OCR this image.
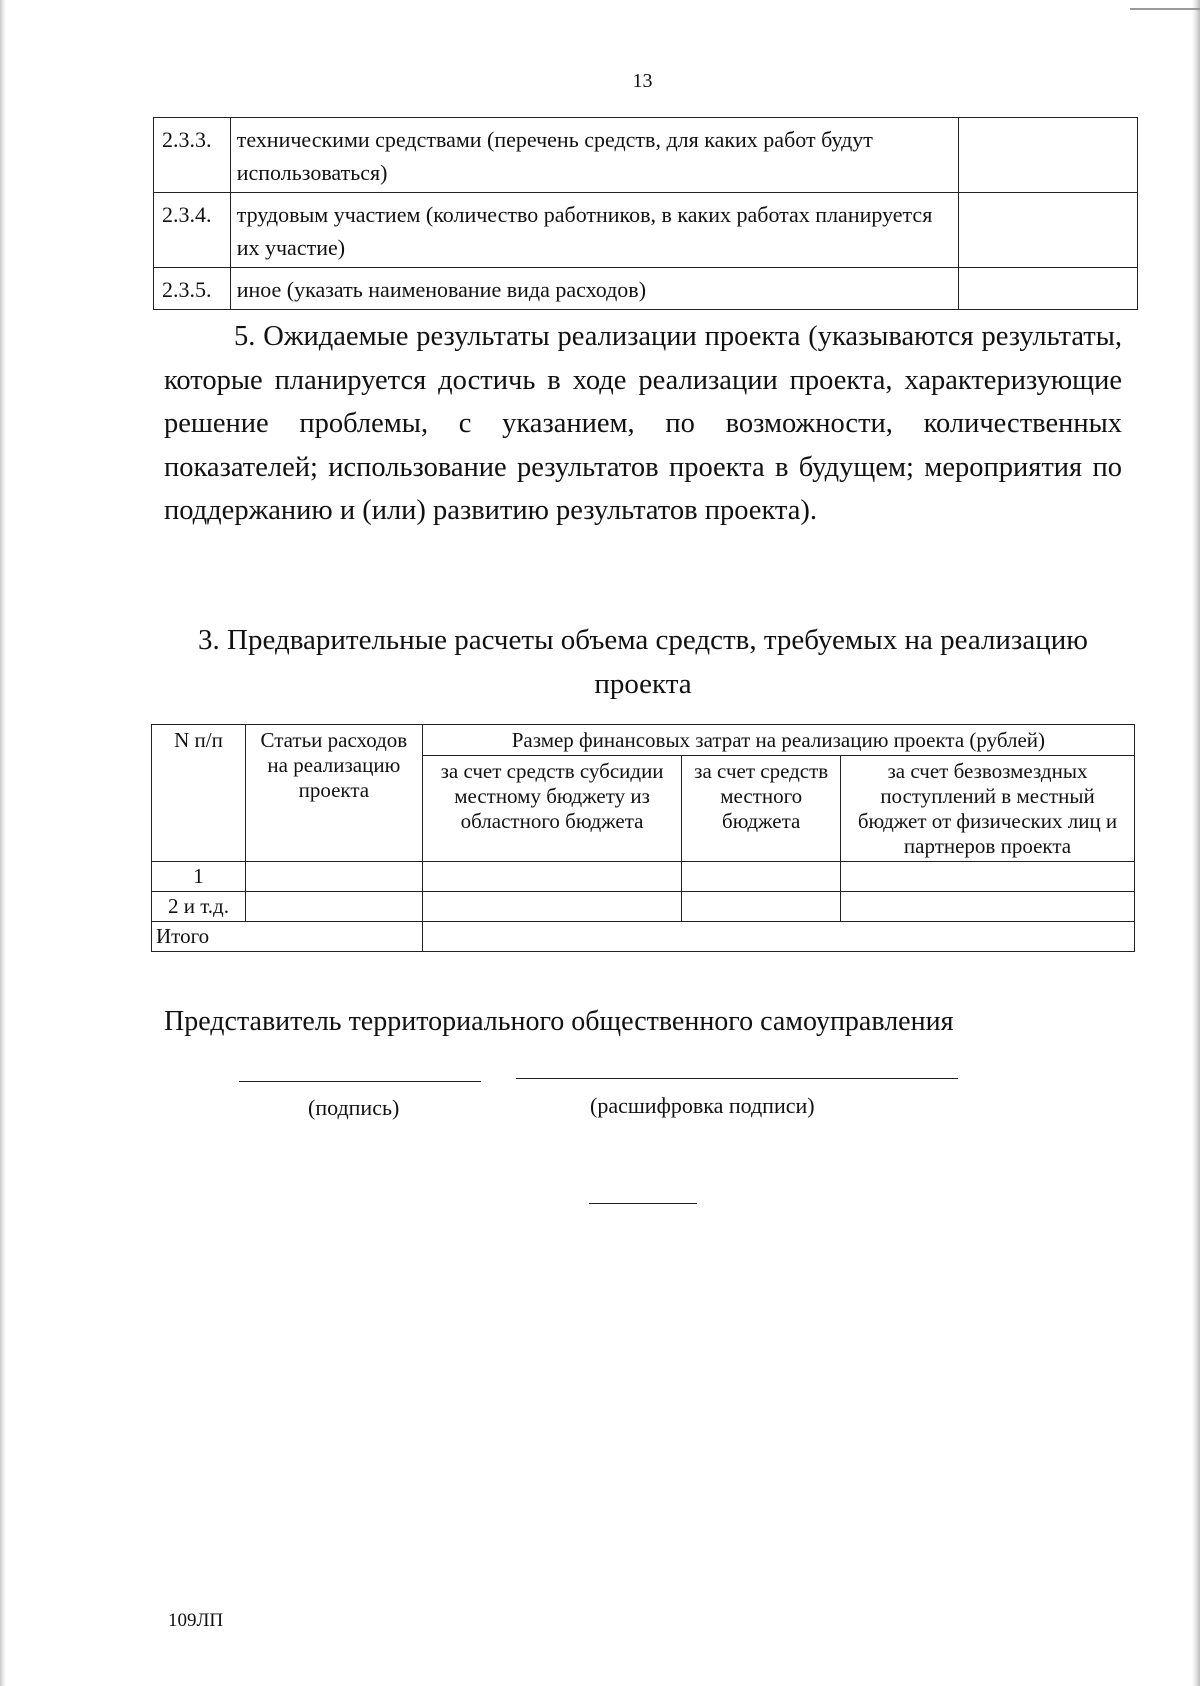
13
2.3.3.	техническими средствами (перечень средств, для каких работ будут использоваться)	
2.3.4.	трудовым участием (количество работников, в каких работах планируется их участие)	
2.3.5.	иное (указать наименование вида расходов)	

5. Ожидаемые результаты реализации проекта (указываются результаты, которые планируется достичь в ходе реализации проекта, характеризующие решение проблемы, с указанием, по возможности, количественных показателей; использование результатов проекта в будущем; мероприятия по поддержанию и (или) развитию результатов проекта).

3. Предварительные расчеты объема средств, требуемых на реализацию проекта

N п/п	Статьи расходов на реализацию проекта	Размер финансовых затрат на реализацию проекта (рублей)		
		за счет средств субсидии местному бюджету из областного бюджета	за счет средств местного бюджета	за счет безвозмездных поступлений в местный бюджет от физических лиц и партнеров проекта
1				
2 и т.д.				
Итого				

Представитель территориального общественного самоуправления

(подпись)	(расшифровка подписи)
109ЛП
